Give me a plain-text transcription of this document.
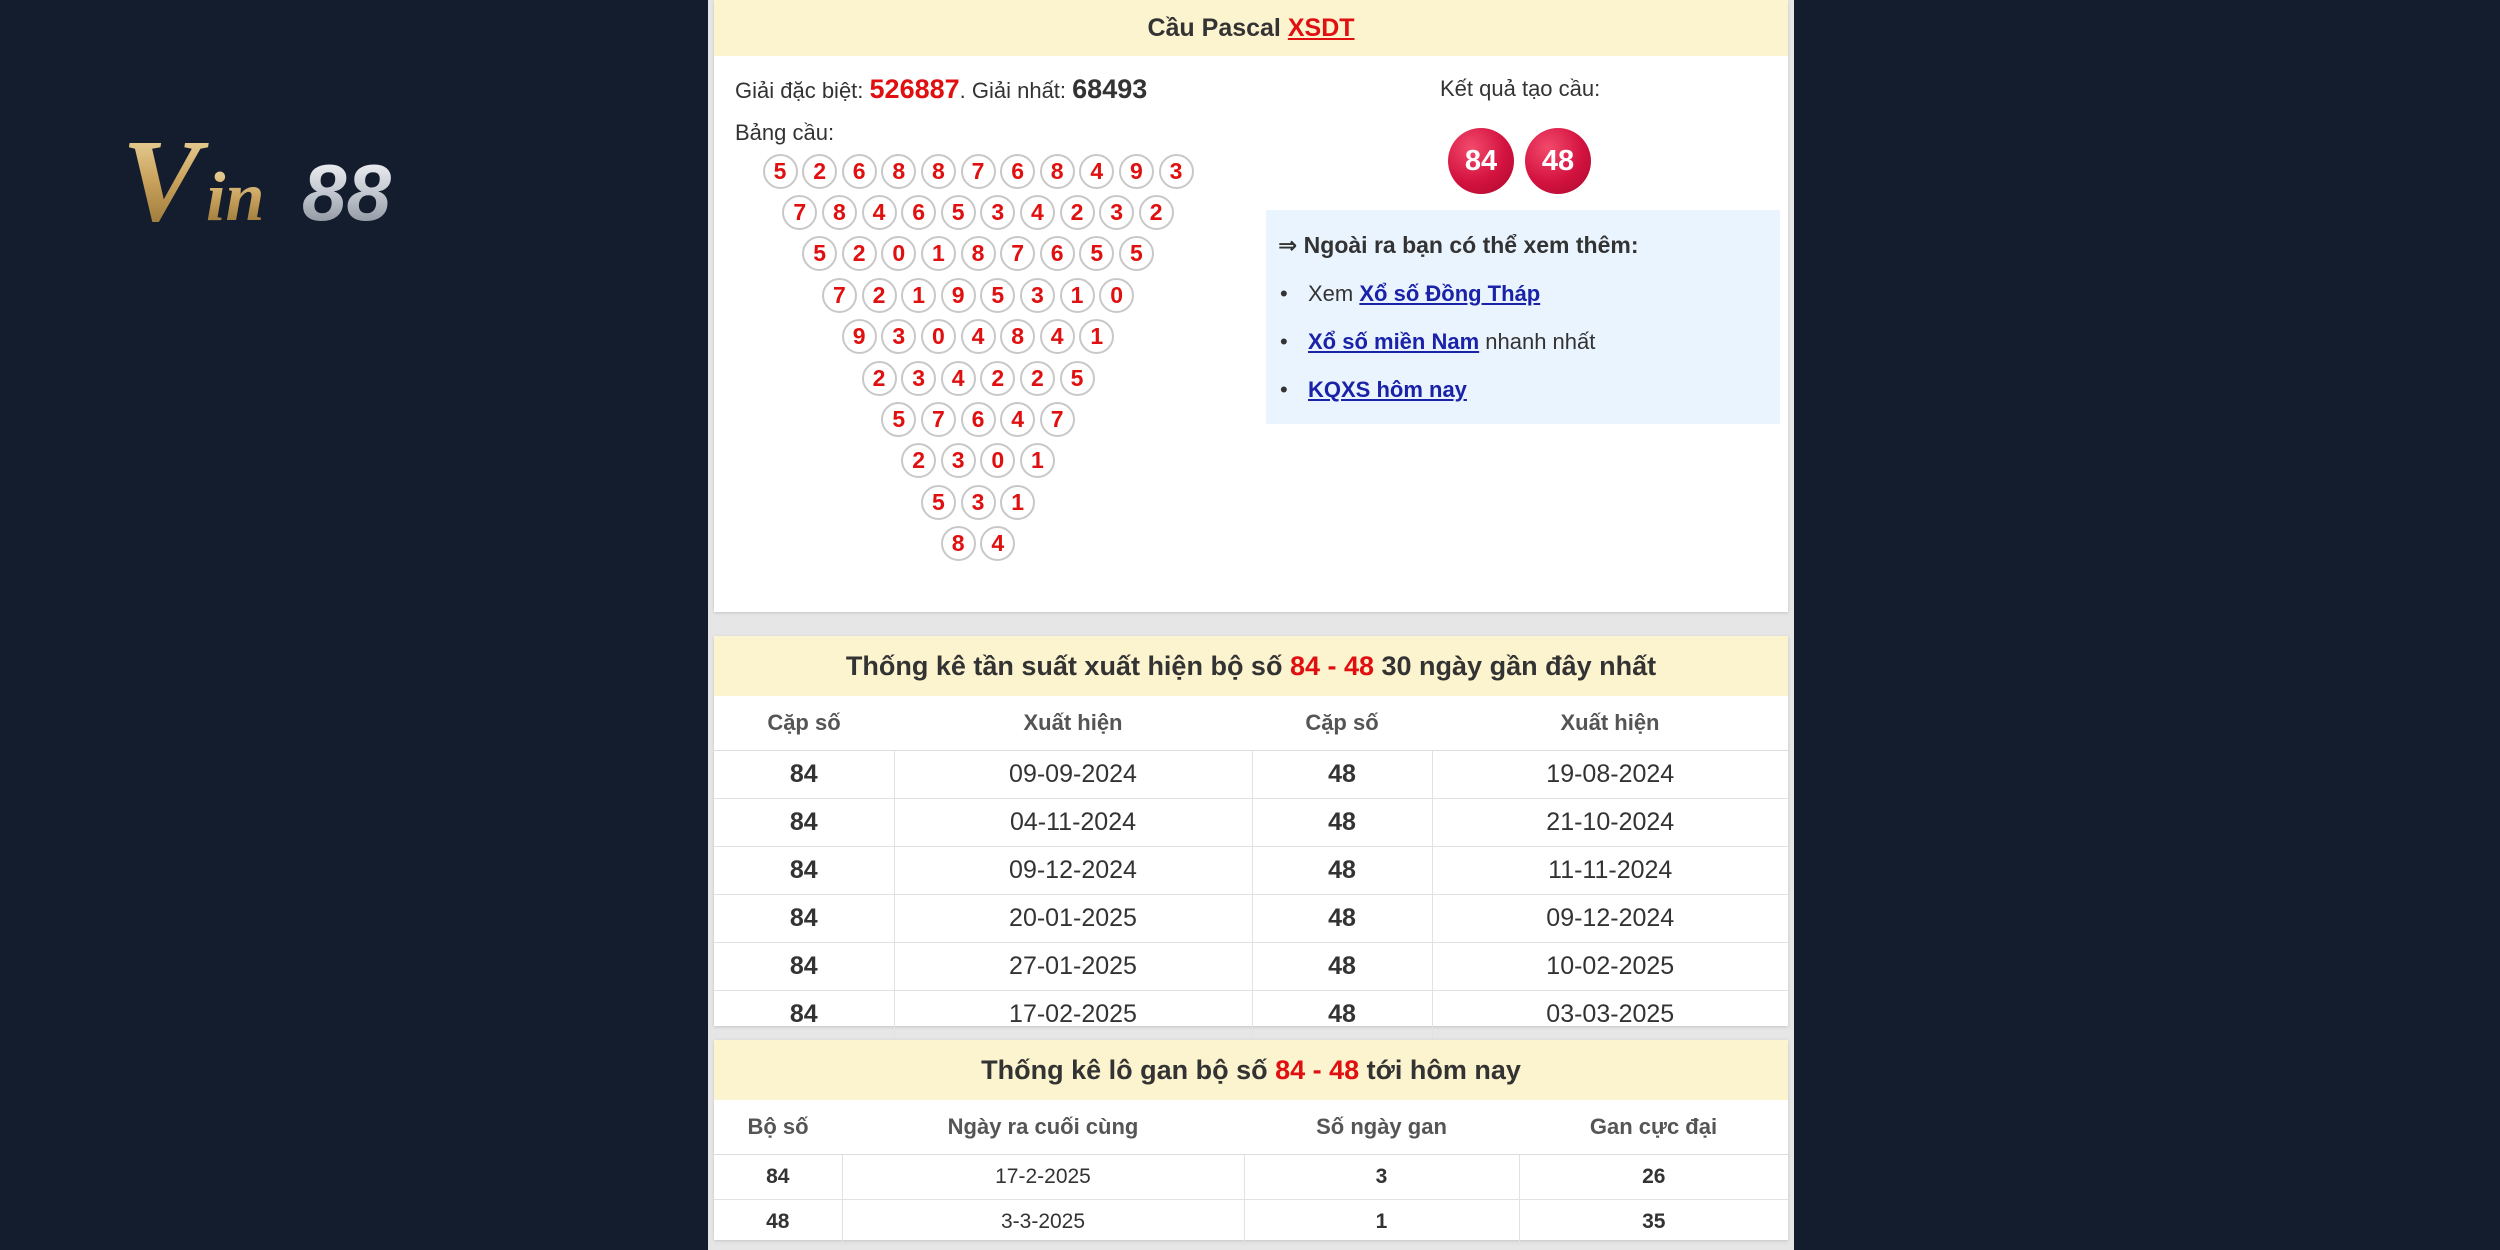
V in 88
Cầu Pascal XSDT
Giải đặc biệt: 526887. Giải nhất: 68493
Bảng cầu:
5	2	6	8	8	7	6	8	4	9	3
7	8	4	6	5	3	4	2	3	2
5	2	0	1	8	7	6	5	5
7	2	1	9	5	3	1	0
9	3	0	4	8	4	1
2	3	4	2	2	5
5	7	6	4	7
2	3	0	1
5	3	1
8	4
Kết quả tạo cầu:
84	48
⇒ Ngoài ra bạn có thể xem thêm:
• Xem Xổ số Đồng Tháp
• Xổ số miền Nam nhanh nhất
• KQXS hôm nay
Thống kê tần suất xuất hiện bộ số 84 - 48 30 ngày gần đây nhất
Cặp số	Xuất hiện	Cặp số	Xuất hiện
84	09-09-2024	48	19-08-2024
84	04-11-2024	48	21-10-2024
84	09-12-2024	48	11-11-2024
84	20-01-2025	48	09-12-2024
84	27-01-2025	48	10-02-2025
84	17-02-2025	48	03-03-2025
Thống kê lô gan bộ số 84 - 48 tới hôm nay
Bộ số	Ngày ra cuối cùng	Số ngày gan	Gan cực đại
84	17-2-2025	3	26
48	3-3-2025	1	35
